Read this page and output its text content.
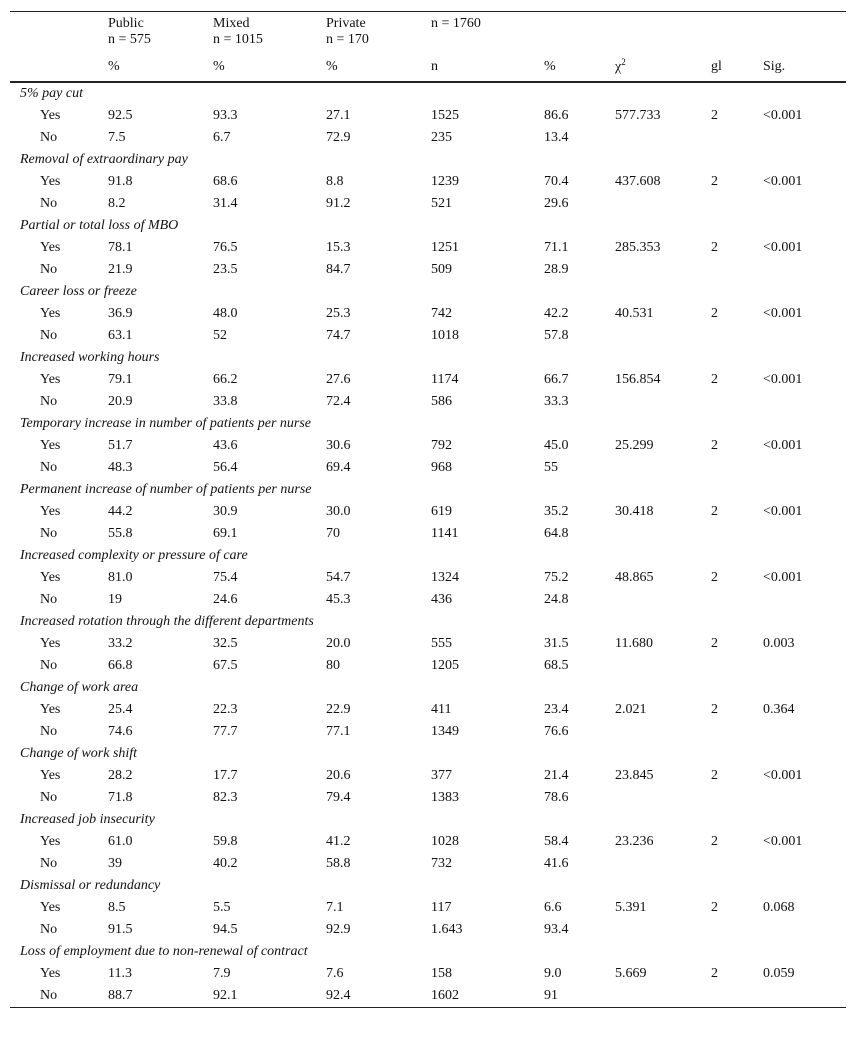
	Public	Mixed	Private	n = 1760				
	n = 575	n = 1015	n = 170					
	%	%	%	n	%	$\chi^2$	gl	Sig.
5% pay cut								
Yes	92.5	93.3	27.1	1525	86.6	577.733	2	<0.001
No	7.5	6.7	72.9	235	13.4			
Removal of extraordinary pay								
Yes	91.8	68.6	8.8	1239	70.4	437.608	2	<0.001
No	8.2	31.4	91.2	521	29.6			
Partial or total loss of MBO								
Yes	78.1	76.5	15.3	1251	71.1	285.353	2	<0.001
No	21.9	23.5	84.7	509	28.9			
Career loss or freeze								
Yes	36.9	48.0	25.3	742	42.2	40.531	2	<0.001
No	63.1	52	74.7	1018	57.8			
Increased working hours								
Yes	79.1	66.2	27.6	1174	66.7	156.854	2	<0.001
No	20.9	33.8	72.4	586	33.3			
Temporary increase in number of patients per nurse								
Yes	51.7	43.6	30.6	792	45.0	25.299	2	<0.001
No	48.3	56.4	69.4	968	55			
Permanent increase of number of patients per nurse								
Yes	44.2	30.9	30.0	619	35.2	30.418	2	<0.001
No	55.8	69.1	70	1141	64.8			
Increased complexity or pressure of care								
Yes	81.0	75.4	54.7	1324	75.2	48.865	2	<0.001
No	19	24.6	45.3	436	24.8			
Increased rotation through the different departments								
Yes	33.2	32.5	20.0	555	31.5	11.680	2	0.003
No	66.8	67.5	80	1205	68.5			
Change of work area								
Yes	25.4	22.3	22.9	411	23.4	2.021	2	0.364
No	74.6	77.7	77.1	1349	76.6			
Change of work shift								
Yes	28.2	17.7	20.6	377	21.4	23.845	2	<0.001
No	71.8	82.3	79.4	1383	78.6			
Increased job insecurity								
Yes	61.0	59.8	41.2	1028	58.4	23.236	2	<0.001
No	39	40.2	58.8	732	41.6			
Dismissal or redundancy								
Yes	8.5	5.5	7.1	117	6.6	5.391	2	0.068
No	91.5	94.5	92.9	1.643	93.4			
Loss of employment due to non-renewal of contract								
Yes	11.3	7.9	7.6	158	9.0	5.669	2	0.059
No	88.7	92.1	92.4	1602	91			
